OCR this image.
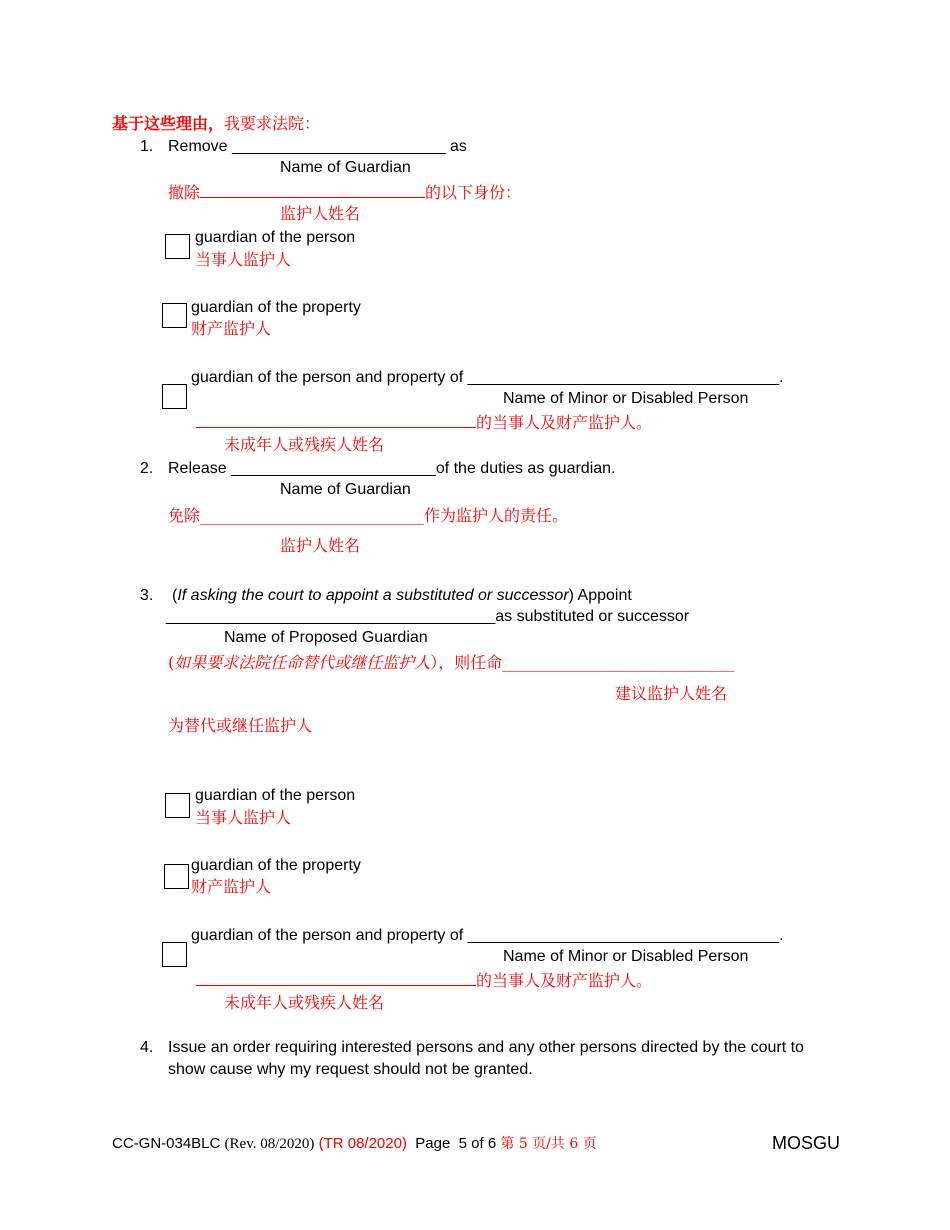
基于这些理由，我要求法院：
1. Remove ________________________ as
Name of Guardian
撤除	的以下身份：
监护人姓名
guardian of the person
当事人监护人
guardian of the property
财产监护人
guardian of the person and property of ___________________________________.
Name of Minor or Disabled Person
的当事人及财产监护人。
未成年人或残疾人姓名
2. Release _______________________of the duties as guardian.
Name of Guardian
免除____________________________作为监护人的责任。
监护人姓名
3. (If asking the court to appoint a substituted or successor) Appoint
_____________________________________as substituted or successor
Name of Proposed Guardian
(如果要求法院任命替代或继任监护人），则任命_____________________________
建议监护人姓名
为替代或继任监护人
guardian of the person
当事人监护人
guardian of the property
财产监护人
guardian of the person and property of ___________________________________.
Name of Minor or Disabled Person
的当事人及财产监护人。
未成年人或残疾人姓名
4. Issue an order requiring interested persons and any other persons directed by the court to
show cause why my request should not be granted.
CC-GN-034BLC (Rev. 08/2020) (TR 08/2020) Page  5 of 6 第 5 页/共 6 页	MOSGU
